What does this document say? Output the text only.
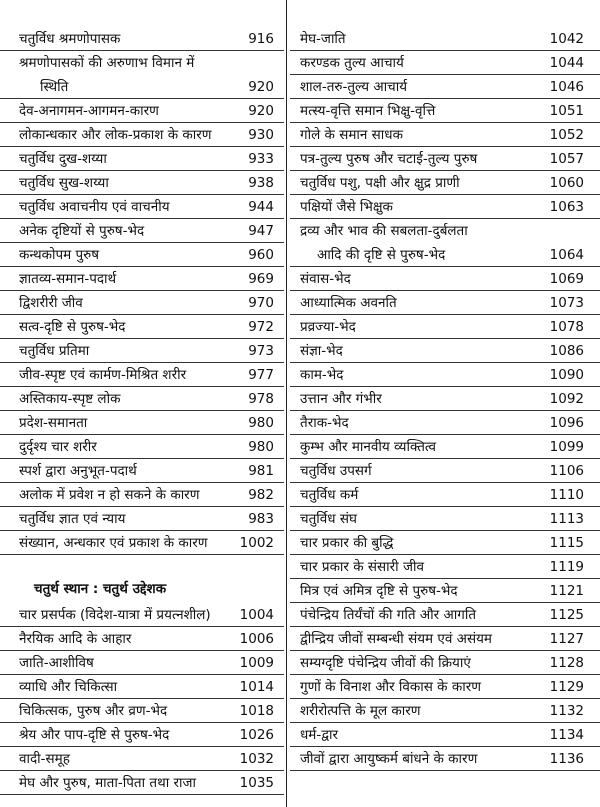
चतुर्विध श्रमणोपासक	916
श्रमणोपासकों की अरुणाभ विमान में
स्थिति	920
देव-अनागमन-आगमन-कारण	920
लोकान्धकार और लोक-प्रकाश के कारण	930
चतुर्विध दुख-शय्या	933
चतुर्विध सुख-शय्या	938
चतुर्विध अवाचनीय एवं वाचनीय	944
अनेक दृष्टियों से पुरुष-भेद	947
कन्थकोपम पुरुष	960
ज्ञातव्य-समान-पदार्थ	969
द्विशरीरी जीव	970
सत्व-दृष्टि से पुरुष-भेद	972
चतुर्विध प्रतिमा	973
जीव-स्पृष्ट एवं कार्मण-मिश्रित शरीर	977
अस्तिकाय-स्पृष्ट लोक	978
प्रदेश-समानता	980
दुर्दृश्य चार शरीर	980
स्पर्श द्वारा अनुभूत-पदार्थ	981
अलोक में प्रवेश न हो सकने के कारण	982
चतुर्विध ज्ञात एवं न्याय	983
संख्यान, अन्धकार एवं प्रकाश के कारण	1002
चतुर्थ स्थान : चतुर्थ उद्देशक
चार प्रसर्पक (विदेश-यात्रा में प्रयत्नशील)	1004
नैरयिक आदि के आहार	1006
जाति-आशीविष	1009
व्याधि और चिकित्सा	1014
चिकित्सक, पुरुष और व्रण-भेद	1018
श्रेय और पाप-दृष्टि से पुरुष-भेद	1026
वादी-समूह	1032
मेघ और पुरुष, माता-पिता तथा राजा	1035
मेघ-जाति	1042
करण्डक तुल्य आचार्य	1044
शाल-तरु-तुल्य आचार्य	1046
मत्स्य-वृत्ति समान भिक्षु-वृत्ति	1051
गोले के समान साधक	1052
पत्र-तुल्य पुरुष और चटाई-तुल्य पुरुष	1057
चतुर्विध पशु, पक्षी और क्षुद्र प्राणी	1060
पक्षियों जैसे भिक्षुक	1063
द्रव्य और भाव की सबलता-दुर्बलता
आदि की दृष्टि से पुरुष-भेद	1064
संवास-भेद	1069
आध्यात्मिक अवनति	1073
प्रव्रज्या-भेद	1078
संज्ञा-भेद	1086
काम-भेद	1090
उत्तान और गंभीर	1092
तैराक-भेद	1096
कुम्भ और मानवीय व्यक्तित्व	1099
चतुर्विध उपसर्ग	1106
चतुर्विध कर्म	1110
चतुर्विध संघ	1113
चार प्रकार की बुद्धि	1115
चार प्रकार के संसारी जीव	1119
मित्र एवं अमित्र दृष्टि से पुरुष-भेद	1121
पंचेन्द्रिय तिर्यंचों की गति और आगति	1125
द्वीन्द्रिय जीवों सम्बन्धी संयम एवं असंयम	1127
सम्यग्दृष्टि पंचेन्द्रिय जीवों की क्रियाएं	1128
गुणों के विनाश और विकास के कारण	1129
शरीरोत्पत्ति के मूल कारण	1132
धर्म-द्वार	1134
जीवों द्वारा आयुष्कर्म बांधने के कारण	1136
